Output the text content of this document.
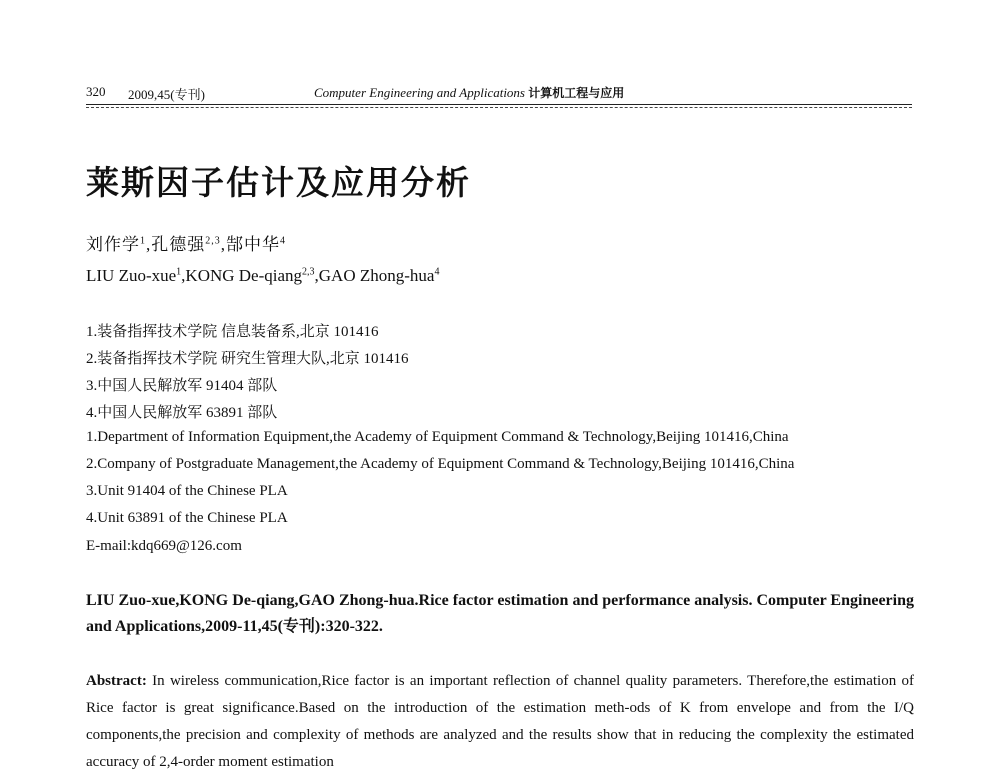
320 2009,45(专刊)	Computer Engineering and Applications 计算机工程与应用
莱斯因子估计及应用分析
刘作学$^1$,孔德强$^{2,3}$,郜中华$^4$
LIU Zuo-xue$^1$,KONG De-qiang$^{2,3}$,GAO Zhong-hua$^4$
1.装备指挥技术学院 信息装备系,北京 101416
2.装备指挥技术学院 研究生管理大队,北京 101416
3.中国人民解放军 91404 部队
4.中国人民解放军 63891 部队
1.Department of Information Equipment,the Academy of Equipment Command & Technology,Beijing 101416,China
2.Company of Postgraduate Management,the Academy of Equipment Command & Technology,Beijing 101416,China
3.Unit 91404 of the Chinese PLA
4.Unit 63891 of the Chinese PLA
E-mail:kdq669@126.com
LIU Zuo-xue,KONG De-qiang,GAO Zhong-hua.Rice factor estimation and performance analysis. Computer Engineering and Applications,2009-11,45(专刊):320-322.
Abstract: In wireless communication,Rice factor is an important reflection of channel quality parameters. Therefore,the estimation of Rice factor is great significance.Based on the introduction of the estimation meth-ods of K from envelope and from the I/Q components,the precision and complexity of methods are analyzed and the results show that in reducing the complexity the estimated accuracy of 2,4-order moment estimation
